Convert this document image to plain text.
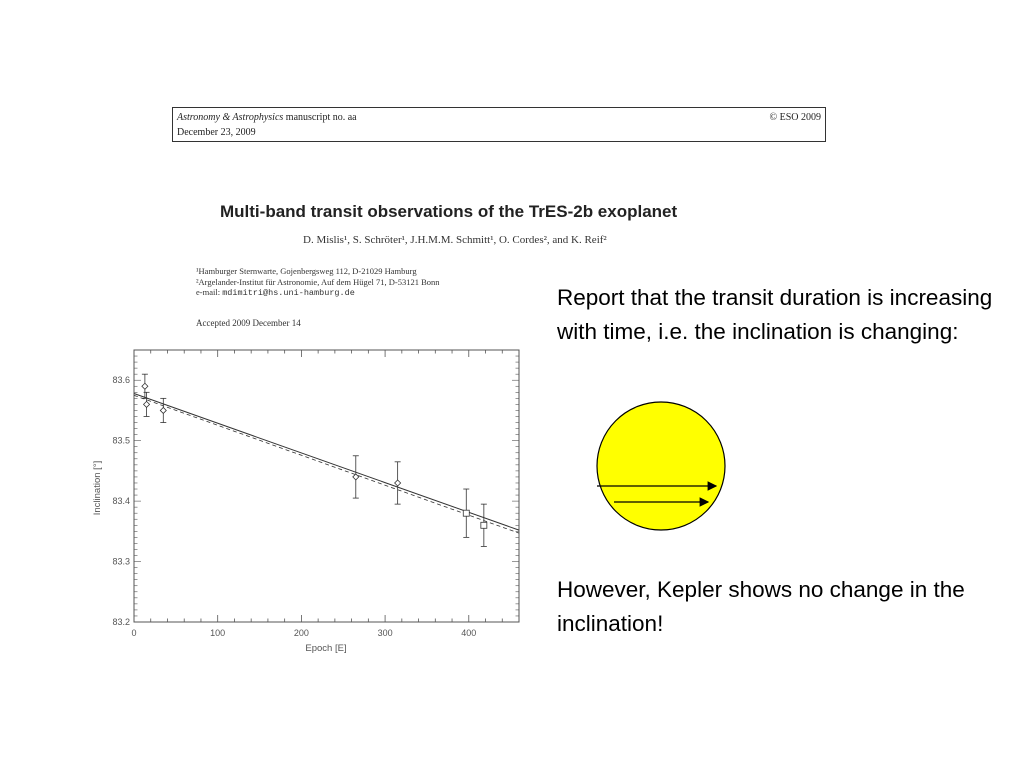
Astronomy & Astrophysics manuscript no. aa
December 23, 2009
© ESO 2009
Multi-band transit observations of the TrES-2b exoplanet
D. Mislis¹, S. Schröter¹, J.H.M.M. Schmitt¹, O. Cordes², and K. Reif²
¹Hamburger Sternwarte, Gojenbergsweg 112, D-21029 Hamburg
²Argelander-Institut für Astronomie, Auf dem Hügel 71, D-53121 Bonn
e-mail: mdimitri@hs.uni-hamburg.de
Accepted 2009 December 14
0	100	200	300	400
83.2
83.3
83.4
83.5
83.6
Epoch [E]
Inclination [°]
Report that the transit duration is increasing with time, i.e. the inclination is changing:
However, Kepler shows no change in the inclination!
